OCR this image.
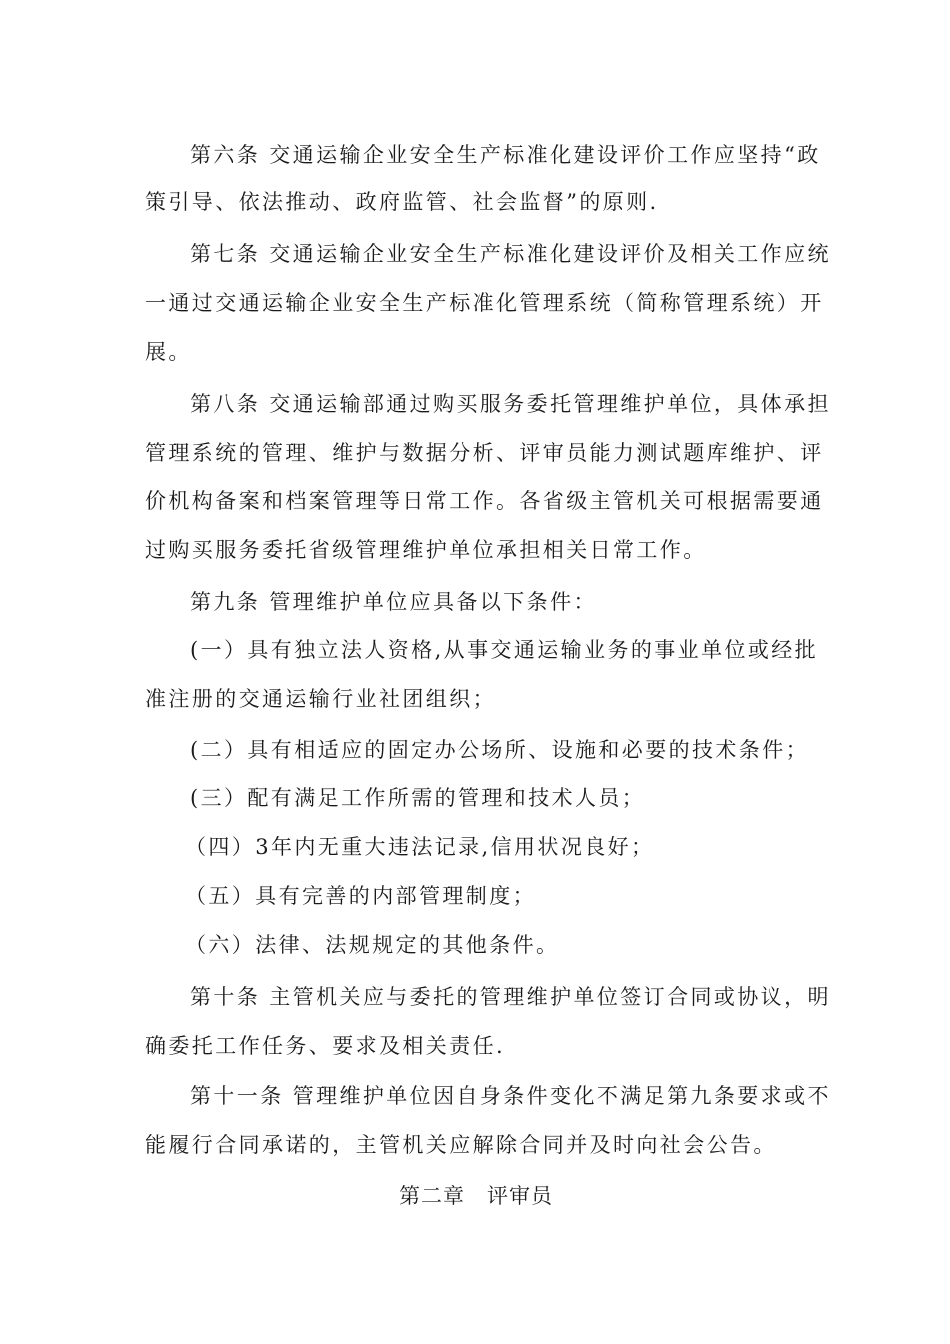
第六条 交通运输企业安全生产标准化建设评价工作应坚持“政
策引导、依法推动、政府监管、社会监督”的原则.
第七条 交通运输企业安全生产标准化建设评价及相关工作应统
一通过交通运输企业安全生产标准化管理系统（简称管理系统）开
展。
第八条 交通运输部通过购买服务委托管理维护单位，具体承担
管理系统的管理、维护与数据分析、评审员能力测试题库维护、评
价机构备案和档案管理等日常工作。各省级主管机关可根据需要通
过购买服务委托省级管理维护单位承担相关日常工作。
第九条 管理维护单位应具备以下条件：
(一）具有独立法人资格,从事交通运输业务的事业单位或经批
准注册的交通运输行业社团组织；
(二）具有相适应的固定办公场所、设施和必要的技术条件；
(三）配有满足工作所需的管理和技术人员；
（四）3年内无重大违法记录,信用状况良好；
（五）具有完善的内部管理制度；
（六）法律、法规规定的其他条件。
第十条 主管机关应与委托的管理维护单位签订合同或协议，明
确委托工作任务、要求及相关责任.
第十一条 管理维护单位因自身条件变化不满足第九条要求或不
能履行合同承诺的，主管机关应解除合同并及时向社会公告。
第二章　评审员
